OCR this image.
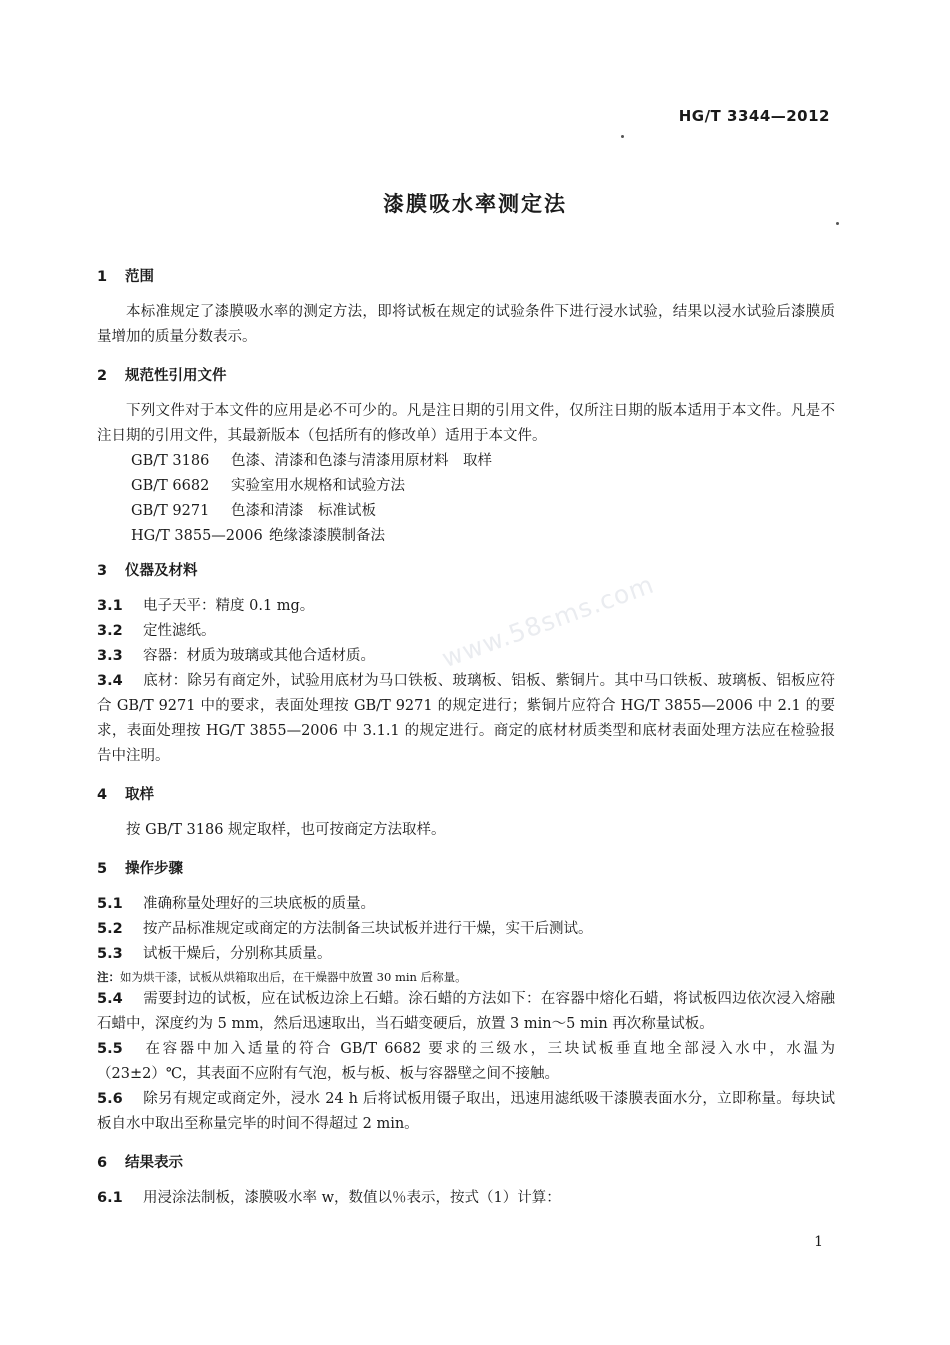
HG/T 3344—2012
漆膜吸水率测定法
www.58sms.com

1 范围

本标准规定了漆膜吸水率的测定方法，即将试板在规定的试验条件下进行浸水试验，结果以浸水试验后漆膜质量增加的质量分数表示。

2 规范性引用文件

下列文件对于本文件的应用是必不可少的。凡是注日期的引用文件，仅所注日期的版本适用于本文件。凡是不注日期的引用文件，其最新版本（包括所有的修改单）适用于本文件。

GB/T 3186 色漆、清漆和色漆与清漆用原材料　取样

GB/T 6682 实验室用水规格和试验方法

GB/T 9271 色漆和清漆　标准试板

HG/T 3855—2006 绝缘漆漆膜制备法

3 仪器及材料

3.1 电子天平：精度 0.1 mg。

3.2 定性滤纸。

3.3 容器：材质为玻璃或其他合适材质。

3.4 底材：除另有商定外，试验用底材为马口铁板、玻璃板、铝板、紫铜片。其中马口铁板、玻璃板、铝板应符合 GB/T 9271 中的要求，表面处理按 GB/T 9271 的规定进行；紫铜片应符合 HG/T 3855—2006 中 2.1 的要求，表面处理按 HG/T 3855—2006 中 3.1.1 的规定进行。商定的底材材质类型和底材表面处理方法应在检验报告中注明。

4 取样

按 GB/T 3186 规定取样，也可按商定方法取样。

5 操作步骤

5.1 准确称量处理好的三块底板的质量。

5.2 按产品标准规定或商定的方法制备三块试板并进行干燥，实干后测试。

5.3 试板干燥后，分别称其质量。

注：如为烘干漆，试板从烘箱取出后，在干燥器中放置 30 min 后称量。

5.4 需要封边的试板，应在试板边涂上石蜡。涂石蜡的方法如下：在容器中熔化石蜡，将试板四边依次浸入熔融石蜡中，深度约为 5 mm，然后迅速取出，当石蜡变硬后，放置 3 min～5 min 再次称量试板。

5.5 在容器中加入适量的符合 GB/T 6682 要求的三级水，三块试板垂直地全部浸入水中，水温为（23±2）℃，其表面不应附有气泡，板与板、板与容器壁之间不接触。

5.6 除另有规定或商定外，浸水 24 h 后将试板用镊子取出，迅速用滤纸吸干漆膜表面水分，立即称量。每块试板自水中取出至称量完毕的时间不得超过 2 min。

6 结果表示

6.1 用浸涂法制板，漆膜吸水率 w，数值以％表示，按式（1）计算：

1
